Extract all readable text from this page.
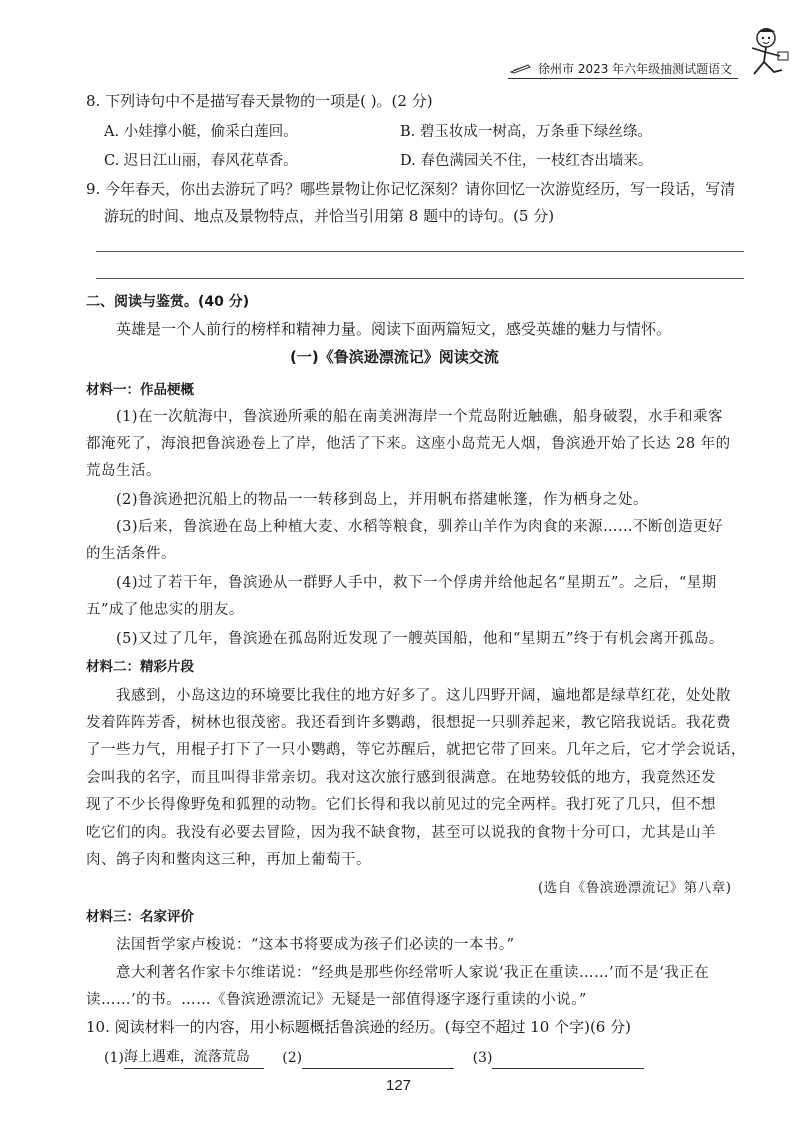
徐州市 2023 年六年级抽测试题语文
8. 下列诗句中不是描写春天景物的一项是( )。(2 分)
A. 小娃撑小艇，偷采白莲回。	B. 碧玉妆成一树高，万条垂下绿丝绦。
C. 迟日江山丽，春风花草香。	D. 春色满园关不住，一枝红杏出墙来。
9. 今年春天，你出去游玩了吗？哪些景物让你记忆深刻？请你回忆一次游览经历，写一段话，写清
游玩的时间、地点及景物特点，并恰当引用第 8 题中的诗句。(5 分)
二、阅读与鉴赏。(40 分)
英雄是一个人前行的榜样和精神力量。阅读下面两篇短文，感受英雄的魅力与情怀。
(一)《鲁滨逊漂流记》阅读交流
材料一：作品梗概
(1)在一次航海中，鲁滨逊所乘的船在南美洲海岸一个荒岛附近触礁，船身破裂，水手和乘客
都淹死了，海浪把鲁滨逊卷上了岸，他活了下来。这座小岛荒无人烟，鲁滨逊开始了长达 28 年的
荒岛生活。
(2)鲁滨逊把沉船上的物品一一转移到岛上，并用帆布搭建帐篷，作为栖身之处。
(3)后来，鲁滨逊在岛上种植大麦、水稻等粮食，驯养山羊作为肉食的来源……不断创造更好
的生活条件。
(4)过了若干年，鲁滨逊从一群野人手中，救下一个俘虏并给他起名“星期五”。之后，“星期
五”成了他忠实的朋友。
(5)又过了几年，鲁滨逊在孤岛附近发现了一艘英国船，他和“星期五”终于有机会离开孤岛。
材料二：精彩片段
我感到，小岛这边的环境要比我住的地方好多了。这儿四野开阔，遍地都是绿草红花，处处散
发着阵阵芳香，树林也很茂密。我还看到许多鹦鹉，很想捉一只驯养起来，教它陪我说话。我花费
了一些力气，用棍子打下了一只小鹦鹉，等它苏醒后，就把它带了回来。几年之后，它才学会说话，
会叫我的名字，而且叫得非常亲切。我对这次旅行感到很满意。在地势较低的地方，我竟然还发
现了不少长得像野兔和狐狸的动物。它们长得和我以前见过的完全两样。我打死了几只，但不想
吃它们的肉。我没有必要去冒险，因为我不缺食物，甚至可以说我的食物十分可口，尤其是山羊
肉、鸽子肉和鳖肉这三种，再加上葡萄干。
(选自《鲁滨逊漂流记》第八章)
材料三：名家评价
法国哲学家卢梭说：“这本书将要成为孩子们必读的一本书。”
意大利著名作家卡尔维诺说：“经典是那些你经常听人家说‘我正在重读……’而不是‘我正在
读……’的书。……《鲁滨逊漂流记》无疑是一部值得逐字逐行重读的小说。”
10. 阅读材料一的内容，用小标题概括鲁滨逊的经历。(每空不超过 10 个字)(6 分)
(1)海上遇难，流落荒岛 (2)	(3)
127
